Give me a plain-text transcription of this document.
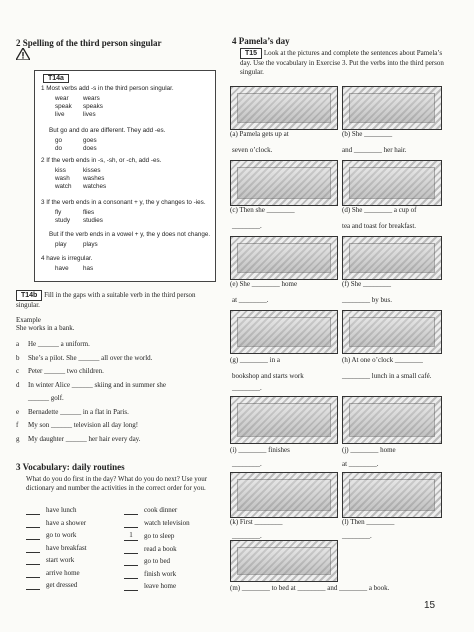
2 Spelling of the third person singular
T14a
1 Most verbs add -s in the third person singular.
wear	wears
speak	speaks
live	lives
But go and do are different. They add -es.
go	goes
do	does
2 If the verb ends in -s, -sh, or -ch, add -es.
kiss	kisses
wash	washes
watch	watches
3 If the verb ends in a consonant + y, the y changes to -ies.
fly	flies
study	studies
But if the verb ends in a vowel + y, the y does not change.
play	plays
4 have is irregular.
have	has
T14b Fill in the gaps with a suitable verb in the third person singular.
Example
She works in a bank.
a	He ______ a uniform.
b	She’s a pilot. She ______ all over the world.
c	Peter ______ two children.
d	In winter Alice ______ skiing and in summer she
______ golf.
e	Bernadette ______ in a flat in Paris.
f	My son ______ television all day long!
g	My daughter ______ her hair every day.
3 Vocabulary: daily routines
What do you do first in the day? What do you do next? Use your dictionary and number the activities in the correct order for you.
have lunch
have a shower
go to work
have breakfast
start work
arrive home
get dressed
cook dinner
watch television
1	go to sleep
read a book
go to bed
finish work
leave home
4 Pamela’s day
T15 Look at the pictures and complete the sentences about Pamela’s day. Use the vocabulary in Exercise 3. Put the verbs into the third person singular.
(a) Pamela gets up at
seven o’clock.
(b) She ________
and ________ her hair.
(c) Then she ________
________.
(d) She ________ a cup of
tea and toast for breakfast.
(e) She ________ home
at ________.
(f) She ________
________ by bus.
(g) ________ in a
bookshop and starts work
________.
(h) At one o’clock ________
________ lunch in a small café.
(i) ________ finishes
________.
(j) ________ home
at ________.
(k) First ________
________.
(l) Then ________
________.
(m) ________ to bed at ________ and ________ a book.
15
